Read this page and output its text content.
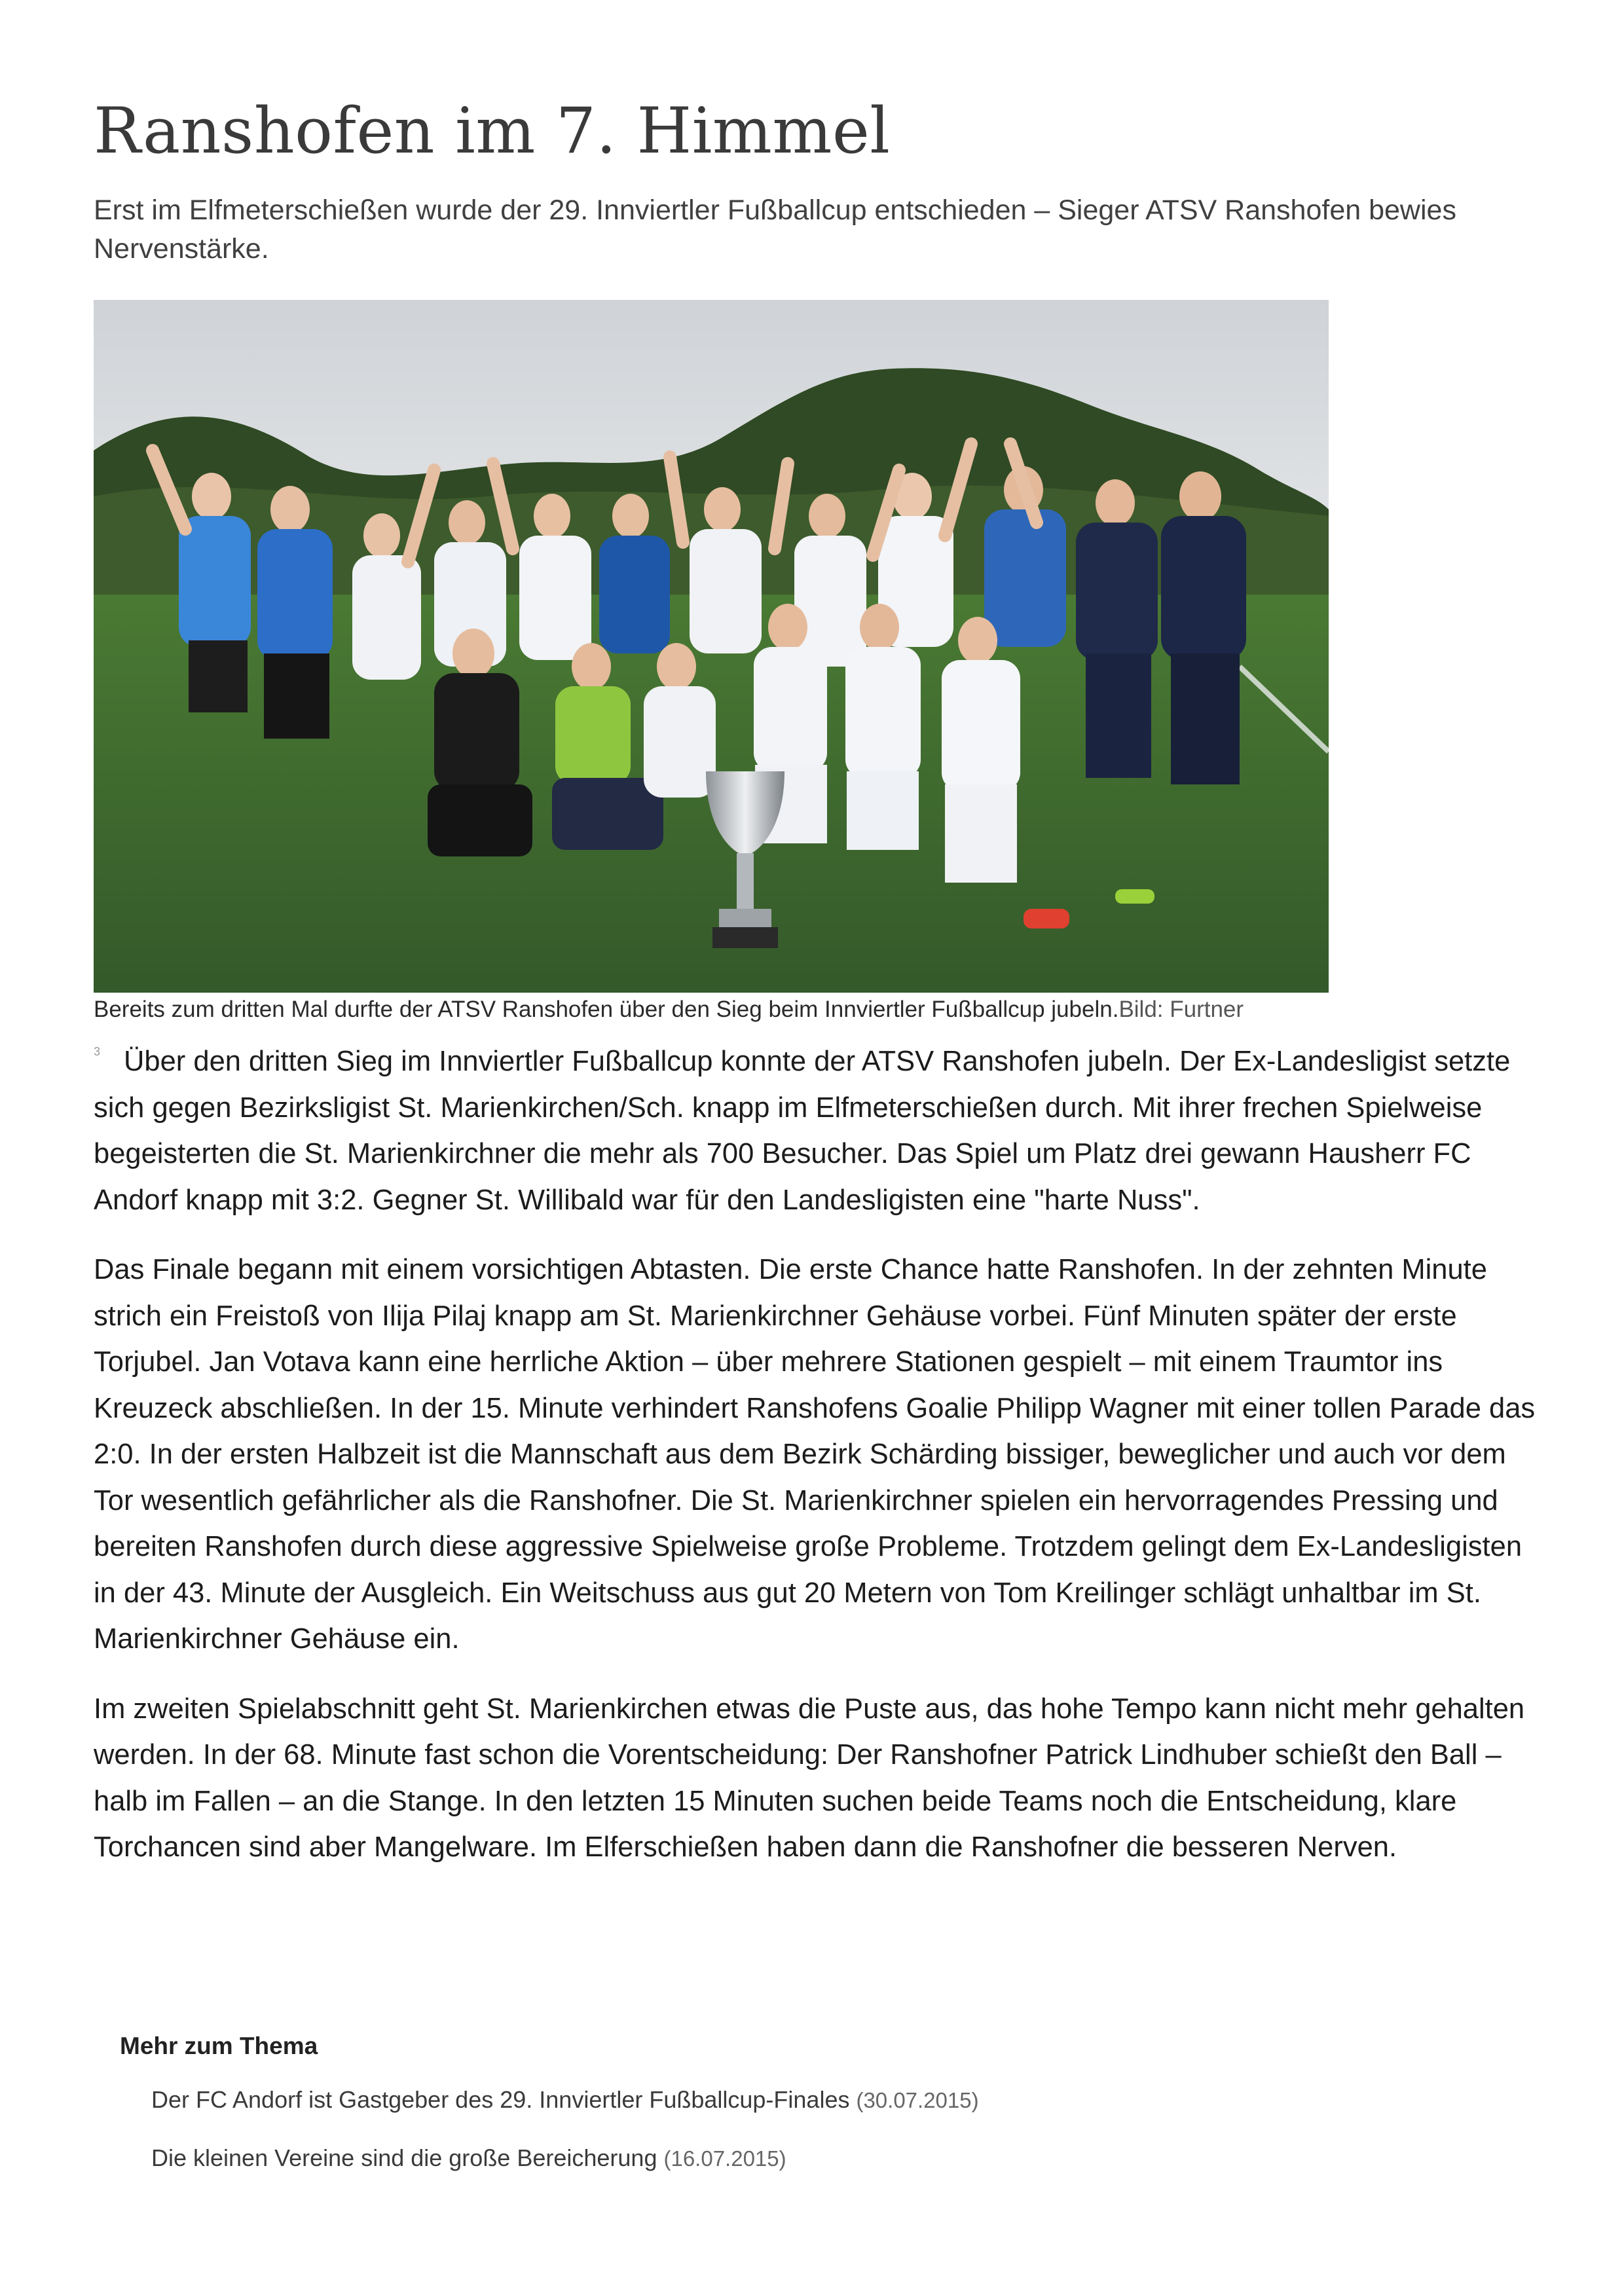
Ranshofen im 7. Himmel

Erst im Elfmeterschießen wurde der 29. Innviertler Fußballcup entschieden – Sieger ATSV Ranshofen bewies Nervenstärke.

Bereits zum dritten Mal durfte der ATSV Ranshofen über den Sieg beim Innviertler Fußballcup jubeln.Bild: Furtner

3 Über den dritten Sieg im Innviertler Fußballcup konnte der ATSV Ranshofen jubeln. Der Ex-Landesligist setzte sich gegen Bezirksligist St. Marienkirchen/Sch. knapp im Elfmeterschießen durch. Mit ihrer frechen Spielweise begeisterten die St. Marienkirchner die mehr als 700 Besucher. Das Spiel um Platz drei gewann Hausherr FC Andorf knapp mit 3:2. Gegner St. Willibald war für den Landesligisten eine "harte Nuss".

Das Finale begann mit einem vorsichtigen Abtasten. Die erste Chance hatte Ranshofen. In der zehnten Minute strich ein Freistoß von Ilija Pilaj knapp am St. Marienkirchner Gehäuse vorbei. Fünf Minuten später der erste Torjubel. Jan Votava kann eine herrliche Aktion – über mehrere Stationen gespielt – mit einem Traumtor ins Kreuzeck abschließen. In der 15. Minute verhindert Ranshofens Goalie Philipp Wagner mit einer tollen Parade das 2:0. In der ersten Halbzeit ist die Mannschaft aus dem Bezirk Schärding bissiger, beweglicher und auch vor dem Tor wesentlich gefährlicher als die Ranshofner. Die St. Marienkirchner spielen ein hervorragendes Pressing und bereiten Ranshofen durch diese aggressive Spielweise große Probleme. Trotzdem gelingt dem Ex-Landesligisten in der 43. Minute der Ausgleich. Ein Weitschuss aus gut 20 Metern von Tom Kreilinger schlägt unhaltbar im St. Marienkirchner Gehäuse ein.

Im zweiten Spielabschnitt geht St. Marienkirchen etwas die Puste aus, das hohe Tempo kann nicht mehr gehalten werden. In der 68. Minute fast schon die Vorentscheidung: Der Ranshofner Patrick Lindhuber schießt den Ball – halb im Fallen – an die Stange. In den letzten 15 Minuten suchen beide Teams noch die Entscheidung, klare Torchancen sind aber Mangelware. Im Elferschießen haben dann die Ranshofner die besseren Nerven.

Mehr zum Thema
Der FC Andorf ist Gastgeber des 29. Innviertler Fußballcup-Finales (30.07.2015)
Die kleinen Vereine sind die große Bereicherung (16.07.2015)
